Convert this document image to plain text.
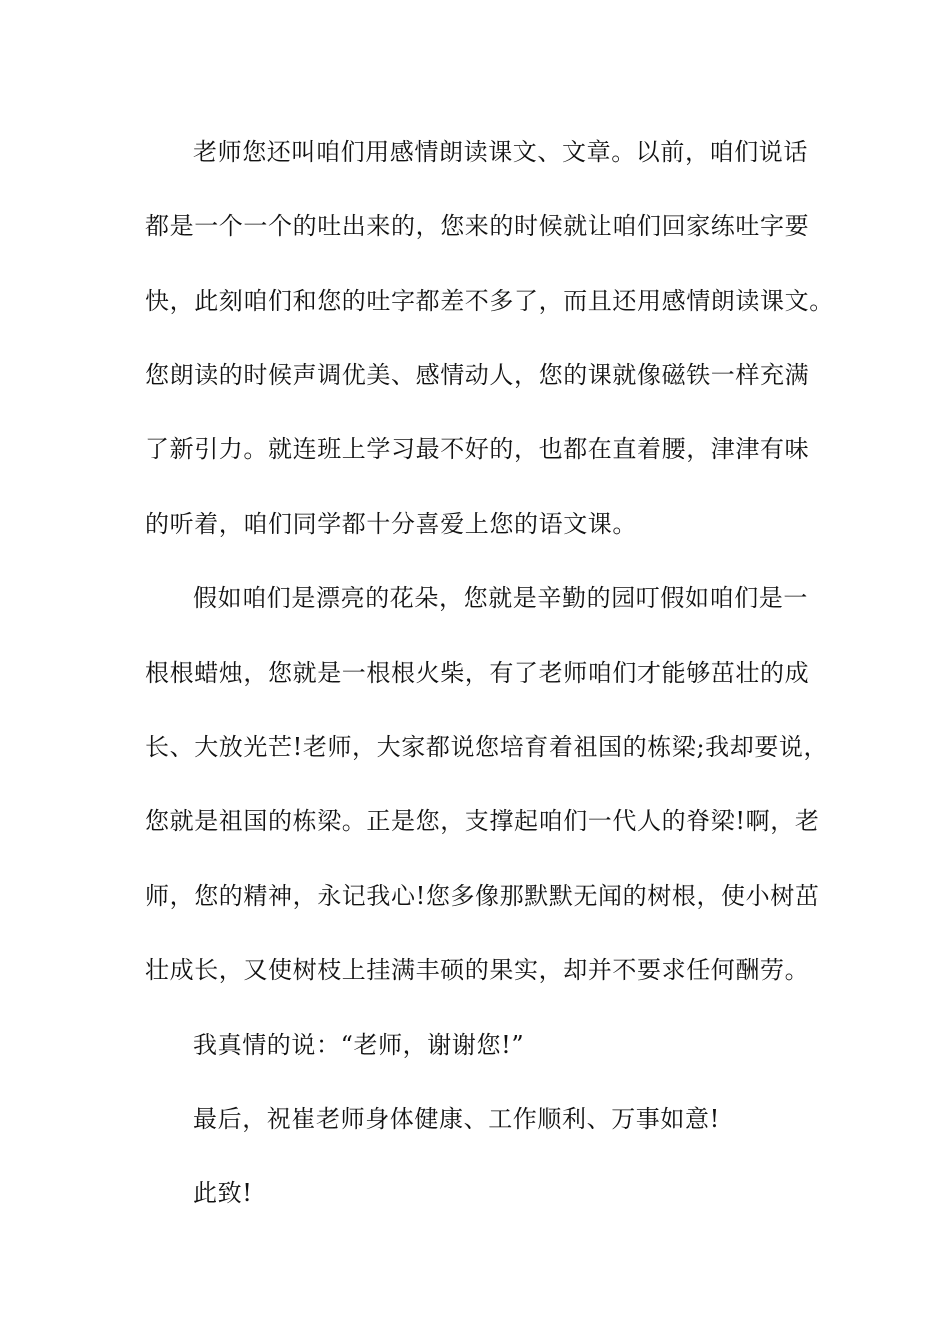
老师您还叫咱们用感情朗读课文、文章。以前，咱们说话
都是一个一个的吐出来的，您来的时候就让咱们回家练吐字要
快，此刻咱们和您的吐字都差不多了，而且还用感情朗读课文。
您朗读的时候声调优美、感情动人，您的课就像磁铁一样充满
了新引力。就连班上学习最不好的，也都在直着腰，津津有味
的听着，咱们同学都十分喜爱上您的语文课。
假如咱们是漂亮的花朵，您就是辛勤的园叮假如咱们是一
根根蜡烛，您就是一根根火柴，有了老师咱们才能够茁壮的成
长、大放光芒!老师，大家都说您培育着祖国的栋梁;我却要说，
您就是祖国的栋梁。正是您，支撑起咱们一代人的脊梁!啊，老
师，您的精神，永记我心!您多像那默默无闻的树根，使小树茁
壮成长，又使树枝上挂满丰硕的果实，却并不要求任何酬劳。
我真情的说：“老师，谢谢您!”
最后，祝崔老师身体健康、工作顺利、万事如意!
此致!
